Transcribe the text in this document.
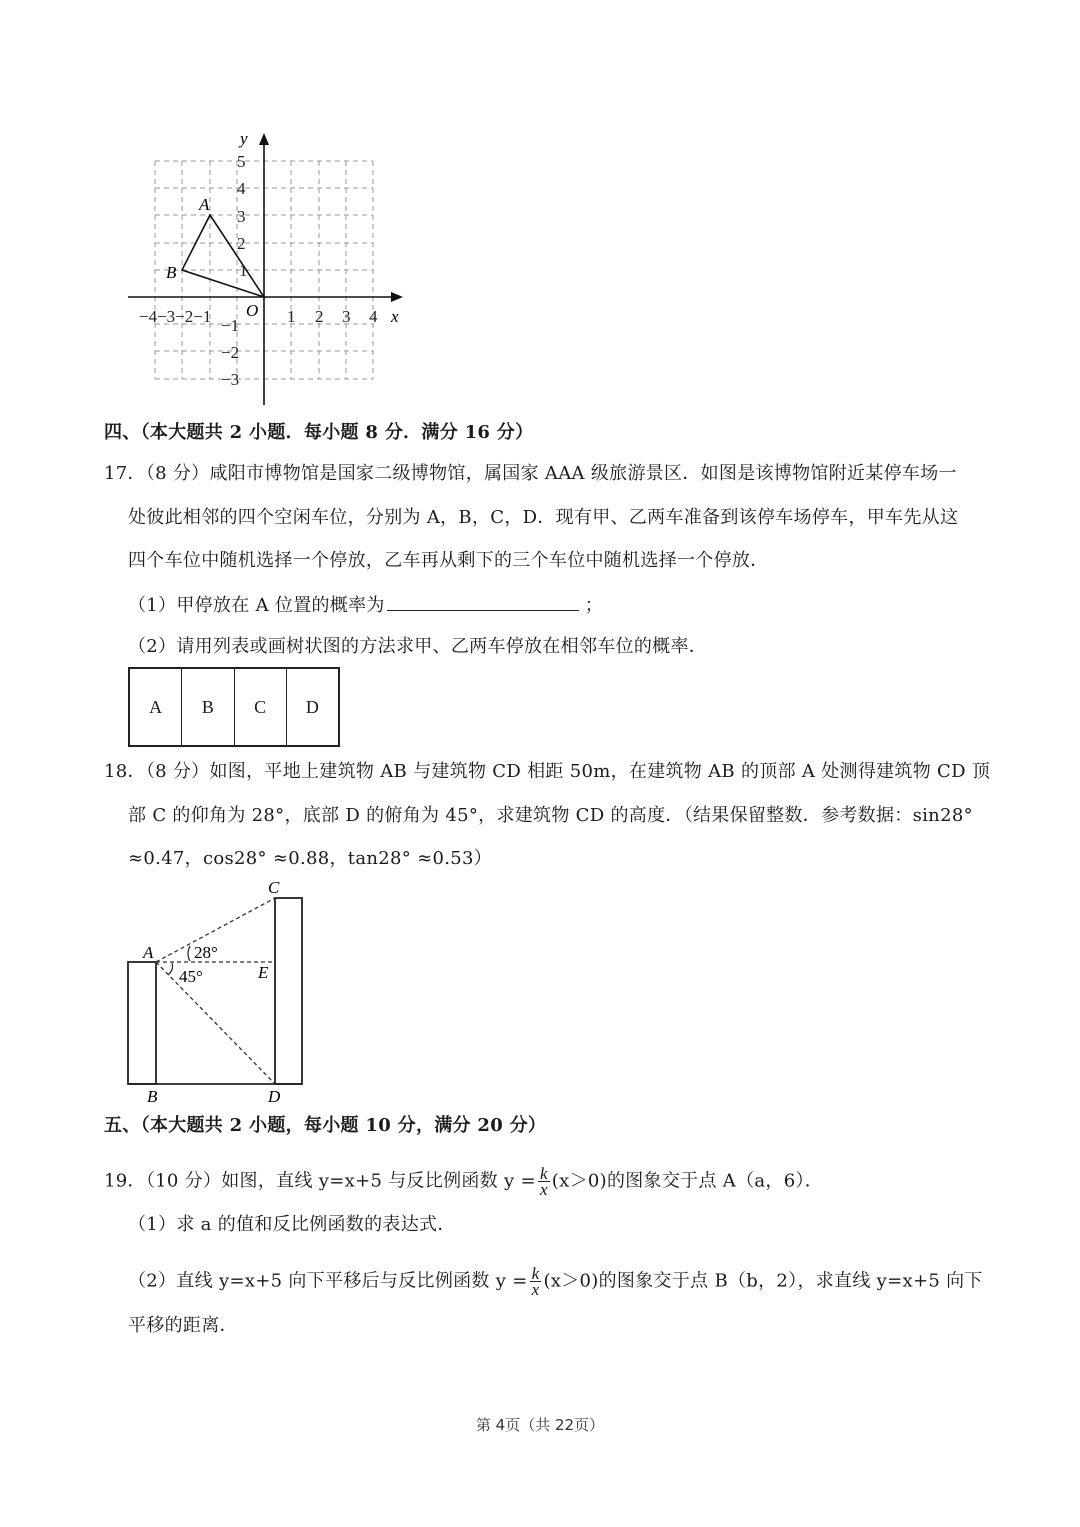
y
x
O
A
B
5
4
3
2
1
−1
−2
−3
−4−3−2−1	1 2 3 4
四、（本大题共 2 小题．每小题 8 分．满分 16 分）
17．（8 分）咸阳市博物馆是国家二级博物馆，属国家 AAA 级旅游景区．如图是该博物馆附近某停车场一
处彼此相邻的四个空闲车位，分别为 A，B，C，D．现有甲、乙两车准备到该停车场停车，甲车先从这
四个车位中随机选择一个停放，乙车再从剩下的三个车位中随机选择一个停放．
（1）甲停放在 A 位置的概率为	；
（2）请用列表或画树状图的方法求甲、乙两车停放在相邻车位的概率．
A	B	C	D
18．（8 分）如图，平地上建筑物 AB 与建筑物 CD 相距 50m，在建筑物 AB 的顶部 A 处测得建筑物 CD 顶
部 C 的仰角为 28°，底部 D 的俯角为 45°，求建筑物 CD 的高度．（结果保留整数．参考数据：sin28°
≈0.47，cos28° ≈0.88，tan28° ≈0.53）
A
B
C
D
E
28°
45°
五、（本大题共 2 小题，每小题 10 分，满分 20 分）
19．（10 分）如图，直线 y=x+5 与反比例函数 $y = \frac{k}{x} (x>0)$的图象交于点 A（a，6）．
（1）求 a 的值和反比例函数的表达式．
（2）直线 y=x+5 向下平移后与反比例函数 $y = \frac{k}{x} (x>0)$的图象交于点 B（b，2），求直线 y=x+5 向下
平移的距离．
第 4页（共 22页）
